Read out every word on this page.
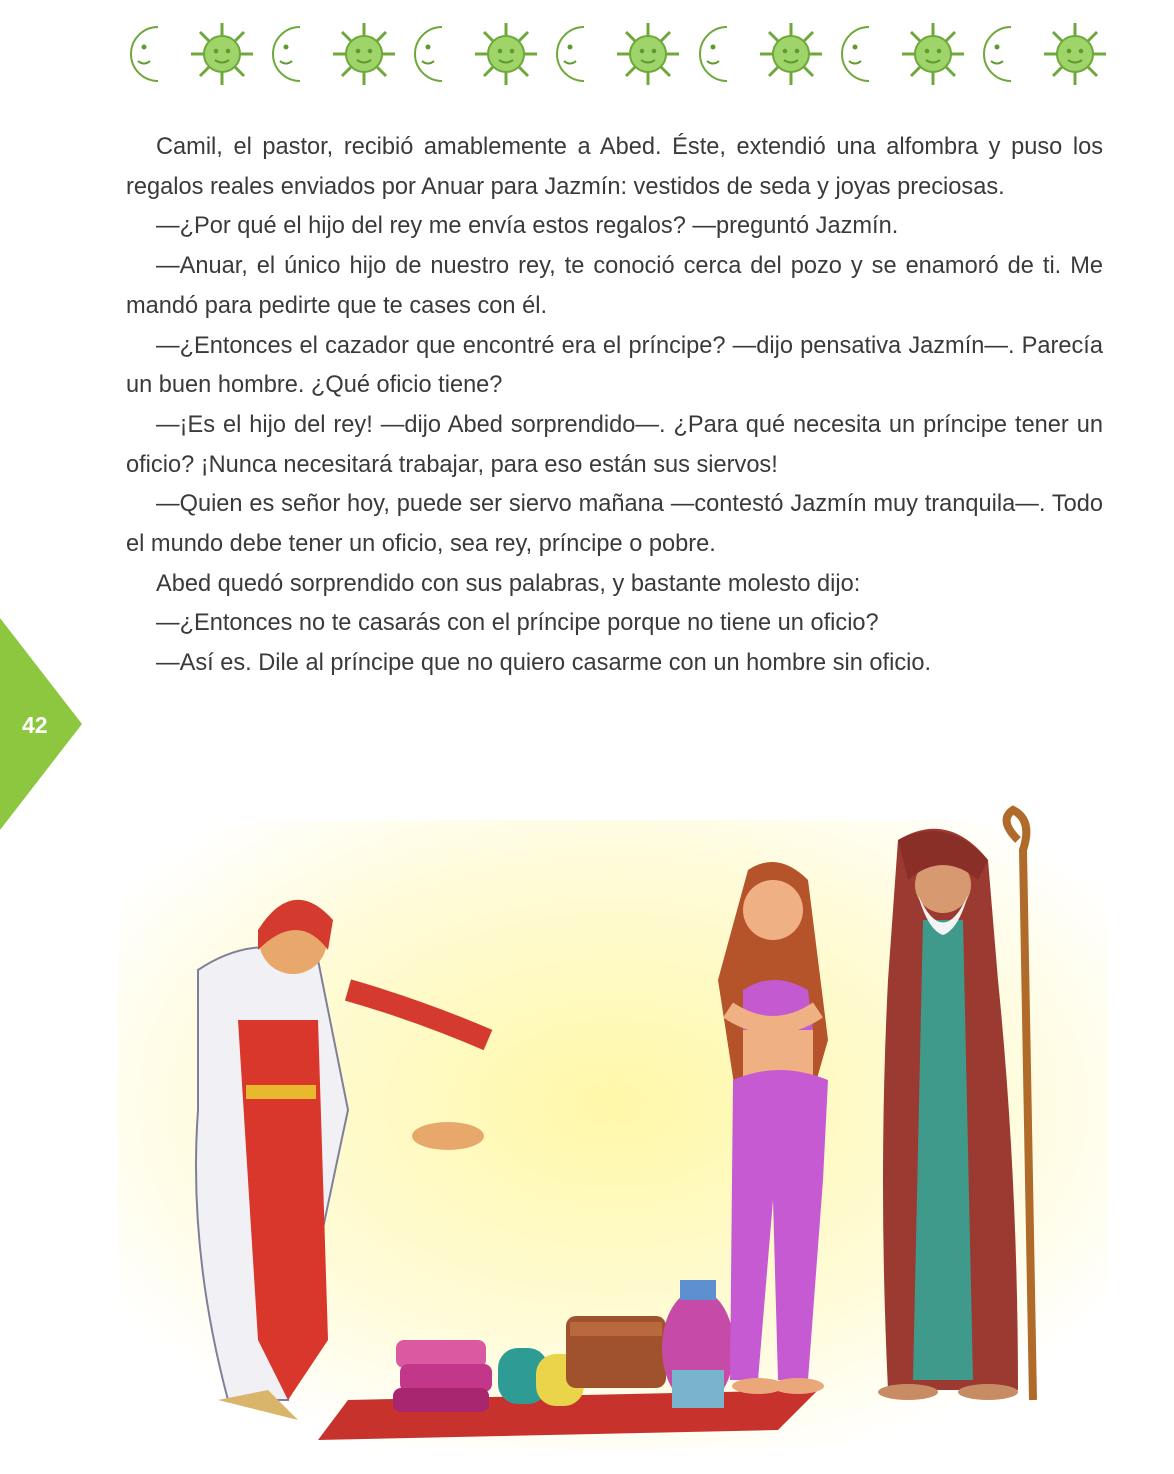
42

Camil, el pastor, recibió amablemente a Abed. Éste, extendió una alfombra y puso los regalos reales enviados por Anuar para Jazmín: vestidos de seda y joyas preciosas.

—¿Por qué el hijo del rey me envía estos regalos? —preguntó Jazmín.

—Anuar, el único hijo de nuestro rey, te conoció cerca del pozo y se enamoró de ti. Me mandó para pedirte que te cases con él.

—¿Entonces el cazador que encontré era el príncipe? —dijo pensativa Jazmín—. Parecía un buen hombre. ¿Qué oficio tiene?

—¡Es el hijo del rey! —dijo Abed sorprendido—. ¿Para qué necesita un príncipe tener un oficio? ¡Nunca necesitará trabajar, para eso están sus siervos!

—Quien es señor hoy, puede ser siervo mañana —contestó Jazmín muy tranquila—. Todo el mundo debe tener un oficio, sea rey, príncipe o pobre.

Abed quedó sorprendido con sus palabras, y bastante molesto dijo:

—¿Entonces no te casarás con el príncipe porque no tiene un oficio?

—Así es. Dile al príncipe que no quiero casarme con un hombre sin oficio.
